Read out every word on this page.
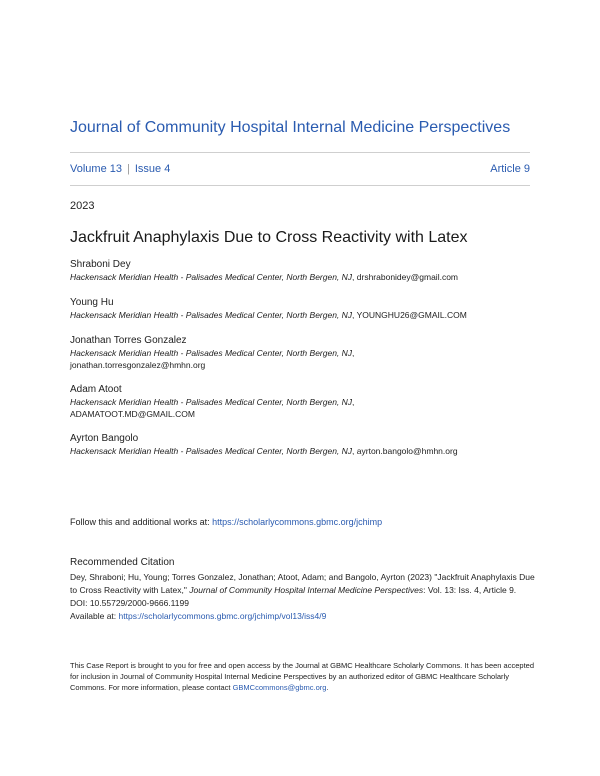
Journal of Community Hospital Internal Medicine Perspectives
Volume 13 | Issue 4	Article 9
2023
Jackfruit Anaphylaxis Due to Cross Reactivity with Latex
Shraboni Dey
Hackensack Meridian Health - Palisades Medical Center, North Bergen, NJ, drshrabonidey@gmail.com
Young Hu
Hackensack Meridian Health - Palisades Medical Center, North Bergen, NJ, YOUNGHU26@GMAIL.COM
Jonathan Torres Gonzalez
Hackensack Meridian Health - Palisades Medical Center, North Bergen, NJ,
jonathan.torresgonzalez@hmhn.org
Adam Atoot
Hackensack Meridian Health - Palisades Medical Center, North Bergen, NJ,
ADAMATOOT.MD@GMAIL.COM
Ayrton Bangolo
Hackensack Meridian Health - Palisades Medical Center, North Bergen, NJ, ayrton.bangolo@hmhn.org
Follow this and additional works at: https://scholarlycommons.gbmc.org/jchimp
Recommended Citation
Dey, Shraboni; Hu, Young; Torres Gonzalez, Jonathan; Atoot, Adam; and Bangolo, Ayrton (2023) "Jackfruit Anaphylaxis Due to Cross Reactivity with Latex," Journal of Community Hospital Internal Medicine Perspectives: Vol. 13: Iss. 4, Article 9.
DOI: 10.55729/2000-9666.1199
Available at: https://scholarlycommons.gbmc.org/jchimp/vol13/iss4/9
This Case Report is brought to you for free and open access by the Journal at GBMC Healthcare Scholarly Commons. It has been accepted for inclusion in Journal of Community Hospital Internal Medicine Perspectives by an authorized editor of GBMC Healthcare Scholarly Commons. For more information, please contact GBMCcommons@gbmc.org.
